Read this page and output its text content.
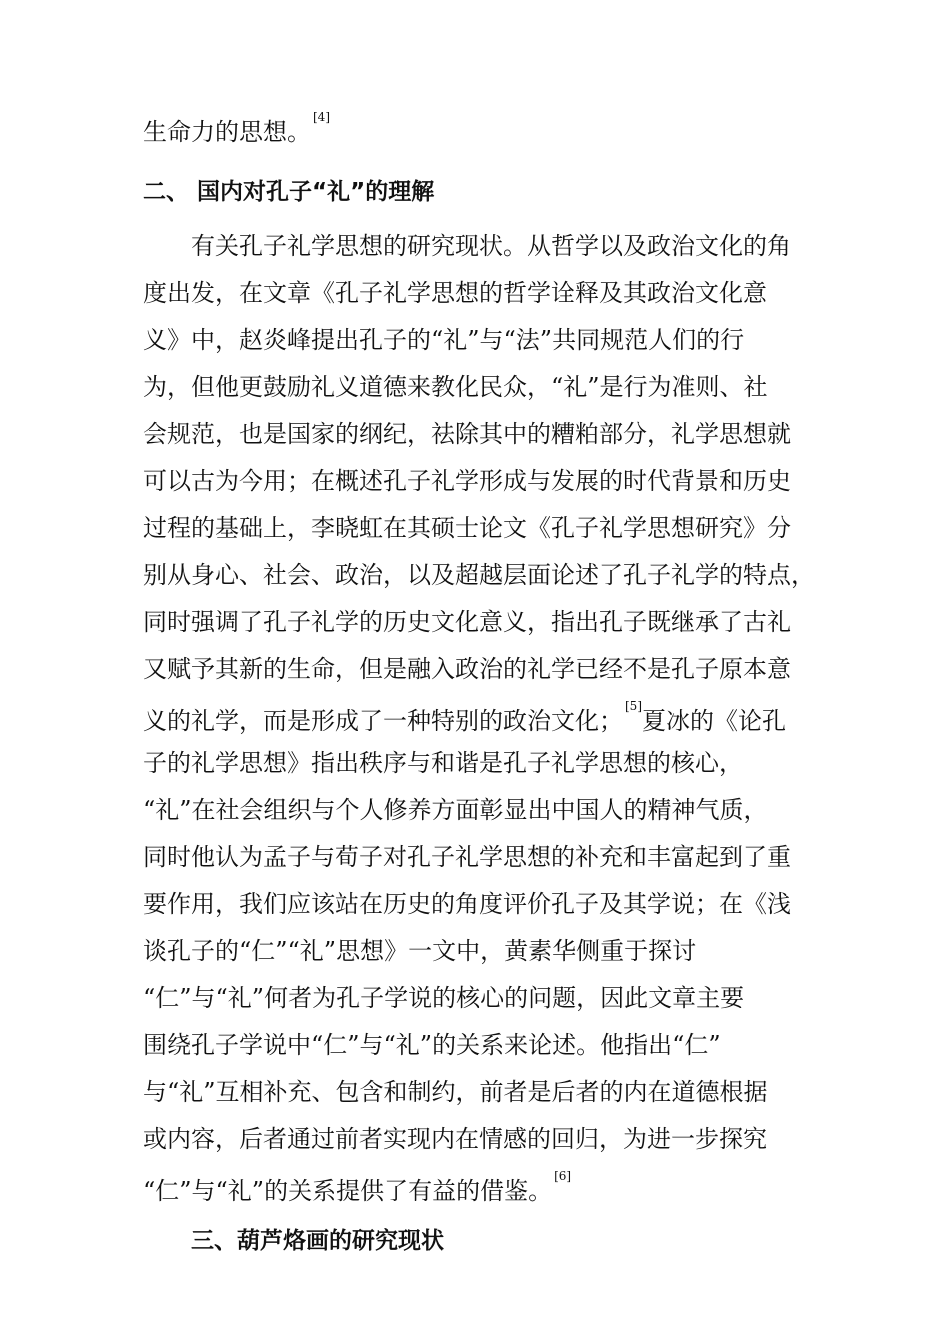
生命力的思想。[4]
二、 国内对孔子“礼”的理解
有关孔子礼学思想的研究现状。从哲学以及政治文化的角
度出发，在文章《孔子礼学思想的哲学诠释及其政治文化意
义》中，赵炎峰提出孔子的“礼”与“法”共同规范人们的行
为，但他更鼓励礼义道德来教化民众，“礼”是行为准则、社
会规范，也是国家的纲纪，祛除其中的糟粕部分，礼学思想就
可以古为今用；在概述孔子礼学形成与发展的时代背景和历史
过程的基础上，李晓虹在其硕士论文《孔子礼学思想研究》分
别从身心、社会、政治，以及超越层面论述了孔子礼学的特点，
同时强调了孔子礼学的历史文化意义，指出孔子既继承了古礼
又赋予其新的生命，但是融入政治的礼学已经不是孔子原本意
义的礼学，而是形成了一种特别的政治文化；[5]夏冰的《论孔
子的礼学思想》指出秩序与和谐是孔子礼学思想的核心，
“礼”在社会组织与个人修养方面彰显出中国人的精神气质，
同时他认为孟子与荀子对孔子礼学思想的补充和丰富起到了重
要作用，我们应该站在历史的角度评价孔子及其学说；在《浅
谈孔子的“仁”“礼”思想》一文中，黄素华侧重于探讨
“仁”与“礼”何者为孔子学说的核心的问题，因此文章主要
围绕孔子学说中“仁”与“礼”的关系来论述。他指出“仁”
与“礼”互相补充、包含和制约，前者是后者的内在道德根据
或内容，后者通过前者实现内在情感的回归，为进一步探究
“仁”与“礼”的关系提供了有益的借鉴。[6]
三、葫芦烙画的研究现状
